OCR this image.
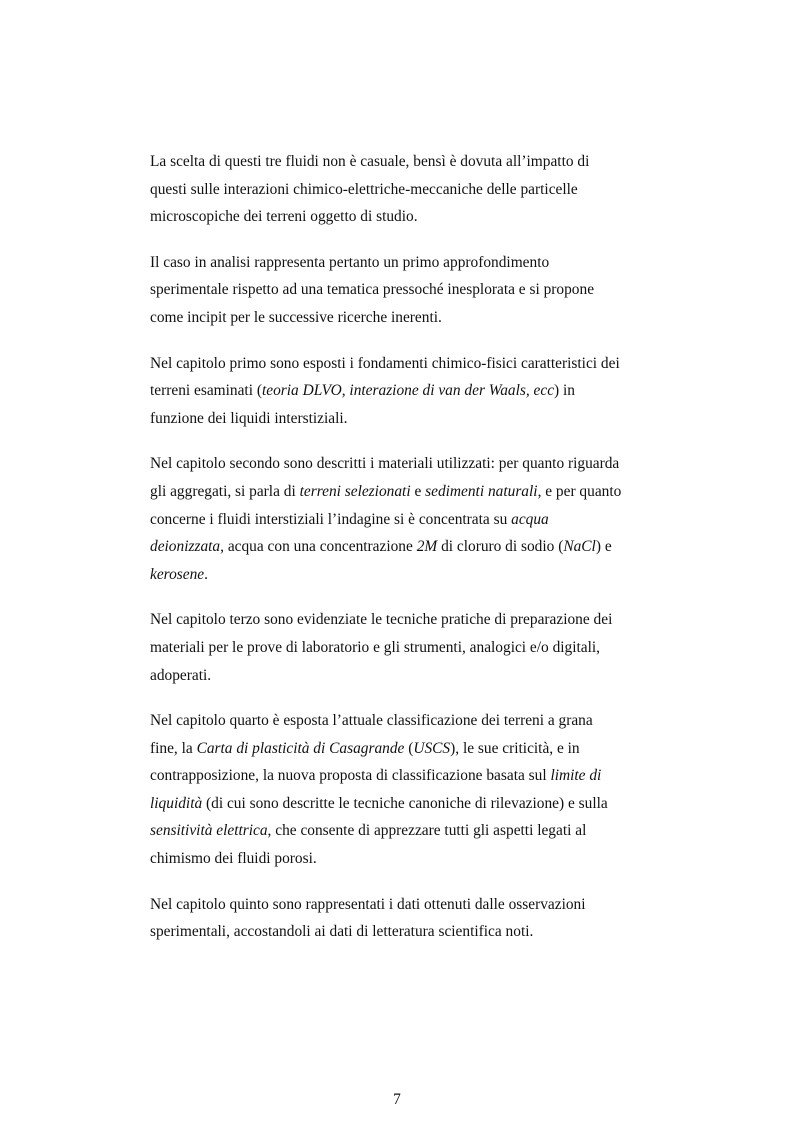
La scelta di questi tre fluidi non è casuale, bensì è dovuta all’impatto di
questi sulle interazioni chimico-elettriche-meccaniche delle particelle
microscopiche dei terreni oggetto di studio.

Il caso in analisi rappresenta pertanto un primo approfondimento
sperimentale rispetto ad una tematica pressoché inesplorata e si propone
come incipit per le successive ricerche inerenti.

Nel capitolo primo sono esposti i fondamenti chimico-fisici caratteristici dei
terreni esaminati (teoria DLVO, interazione di van der Waals, ecc) in
funzione dei liquidi interstiziali.

Nel capitolo secondo sono descritti i materiali utilizzati: per quanto riguarda
gli aggregati, si parla di terreni selezionati e sedimenti naturali, e per quanto
concerne i fluidi interstiziali l’indagine si è concentrata su acqua
deionizzata, acqua con una concentrazione 2M di cloruro di sodio (NaCl) e
kerosene.

Nel capitolo terzo sono evidenziate le tecniche pratiche di preparazione dei
materiali per le prove di laboratorio e gli strumenti, analogici e/o digitali,
adoperati.

Nel capitolo quarto è esposta l’attuale classificazione dei terreni a grana
fine, la Carta di plasticità di Casagrande (USCS), le sue criticità, e in
contrapposizione, la nuova proposta di classificazione basata sul limite di
liquidità (di cui sono descritte le tecniche canoniche di rilevazione) e sulla
sensitività elettrica, che consente di apprezzare tutti gli aspetti legati al
chimismo dei fluidi porosi.

Nel capitolo quinto sono rappresentati i dati ottenuti dalle osservazioni
sperimentali, accostandoli ai dati di letteratura scientifica noti.

7
